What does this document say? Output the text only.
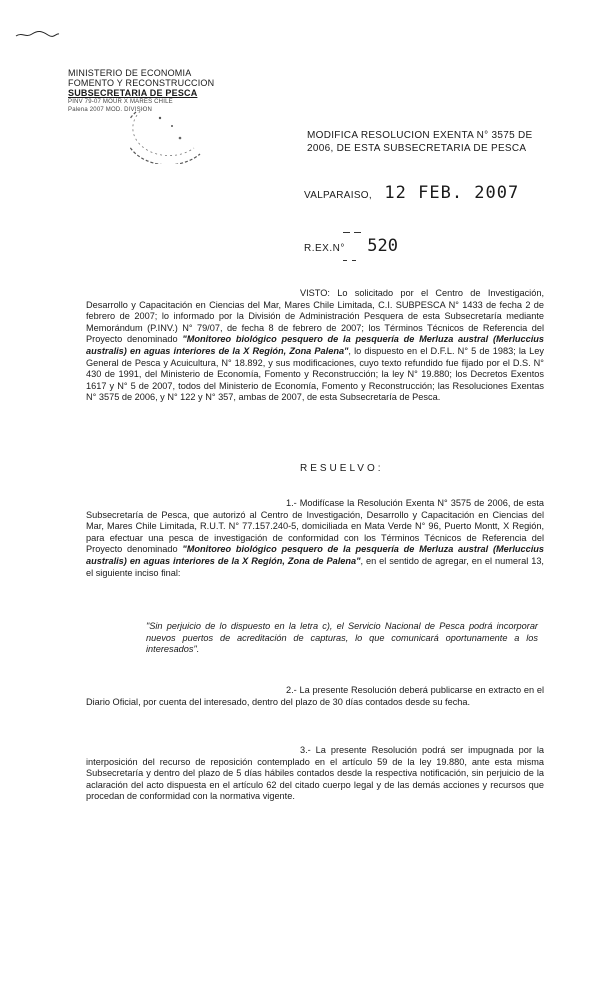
MINISTERIO DE ECONOMIA
FOMENTO Y RECONSTRUCCION
SUBSECRETARIA DE PESCA
PINV 79-07 MOUR X MARES CHILE
Palena 2007 MOD. DIVISION
MODIFICA RESOLUCION EXENTA N° 3575 DE
2006, DE ESTA SUBSECRETARIA DE PESCA
VALPARAISO, 12 FEB. 2007
R.EX.N° 520
VISTO: Lo solicitado por el Centro de Investigación, Desarrollo y Capacitación en Ciencias del Mar, Mares Chile Limitada, C.I. SUBPESCA N° 1433 de fecha 2 de febrero de 2007; lo informado por la División de Administración Pesquera de esta Subsecretaría mediante Memorándum (P.INV.) N° 79/07, de fecha 8 de febrero de 2007; los Términos Técnicos de Referencia del Proyecto denominado "Monitoreo biológico pesquero de la pesquería de Merluza austral (Merluccius australis) en aguas interiores de la X Región, Zona Palena", lo dispuesto en el D.F.L. N° 5 de 1983; la Ley General de Pesca y Acuicultura, N° 18.892, y sus modificaciones, cuyo texto refundido fue fijado por el D.S. N° 430 de 1991, del Ministerio de Economía, Fomento y Reconstrucción; la ley N° 19.880; los Decretos Exentos 1617 y N° 5 de 2007, todos del Ministerio de Economía, Fomento y Reconstrucción; las Resoluciones Exentas N° 3575 de 2006, y N° 122 y N° 357, ambas de 2007, de esta Subsecretaría de Pesca.
RESUELVO:
1.- Modifícase la Resolución Exenta N° 3575 de 2006, de esta Subsecretaría de Pesca, que autorizó al Centro de Investigación, Desarrollo y Capacitación en Ciencias del Mar, Mares Chile Limitada, R.U.T. N° 77.157.240-5, domiciliada en Mata Verde N° 96, Puerto Montt, X Región, para efectuar una pesca de investigación de conformidad con los Términos Técnicos de Referencia del Proyecto denominado "Monitoreo biológico pesquero de la pesquería de Merluza austral (Merluccius australis) en aguas interiores de la X Región, Zona de Palena", en el sentido de agregar, en el numeral 13, el siguiente inciso final:
"Sin perjuicio de lo dispuesto en la letra c), el Servicio Nacional de Pesca podrá incorporar nuevos puertos de acreditación de capturas, lo que comunicará oportunamente a los interesados".
2.- La presente Resolución deberá publicarse en extracto en el Diario Oficial, por cuenta del interesado, dentro del plazo de 30 días contados desde su fecha.
3.- La presente Resolución podrá ser impugnada por la interposición del recurso de reposición contemplado en el artículo 59 de la ley 19.880, ante esta misma Subsecretaría y dentro del plazo de 5 días hábiles contados desde la respectiva notificación, sin perjuicio de la aclaración del acto dispuesta en el artículo 62 del citado cuerpo legal y de las demás acciones y recursos que procedan de conformidad con la normativa vigente.
